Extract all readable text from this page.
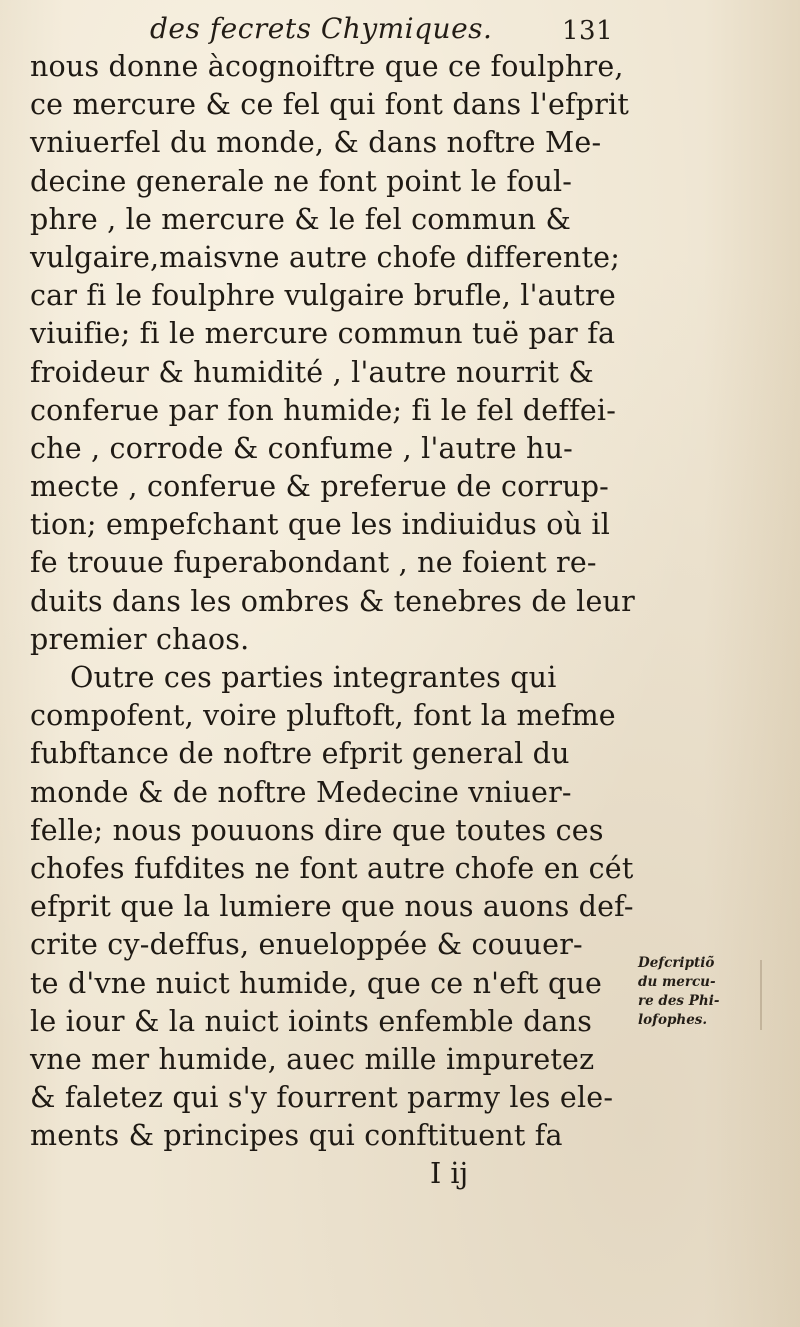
des fecrets Chymiques.	131
nous donne àcognoiftre que ce foulphre,
ce mercure & ce fel qui font dans l'efprit
vniuerfel du monde, & dans noftre Me-
decine generale ne font point le foul-
phre , le mercure & le fel commun &
vulgaire,maisvne autre chofe differente;
car fi le foulphre vulgaire brufle, l'autre
viuifie; fi le mercure commun tuë par fa
froideur & humidité , l'autre nourrit &
conferue par fon humide; fi le fel deffei-
che , corrode & confume , l'autre hu-
mecte , conferue & preferue de corrup-
tion; empefchant que les indiuidus où il
fe trouue fuperabondant , ne foient re-
duits dans les ombres & tenebres de leur
premier chaos.
Outre ces parties integrantes qui
compofent, voire pluftoft, font la mefme
fubftance de noftre efprit general du
monde & de noftre Medecine vniuer-
felle; nous pouuons dire que toutes ces
chofes fufdites ne font autre chofe en cét
efprit que la lumiere que nous auons def-
crite cy-deffus, enueloppée & couuer-
te d'vne nuict humide, que ce n'eft que
le iour & la nuict ioints enfemble dans
vne mer humide, auec mille impuretez
& faletez qui s'y fourrent parmy les ele-
ments & principes qui conftituent fa
I ij
Defcriptiõ
du mercu-
re des Phi-
lofophes.
